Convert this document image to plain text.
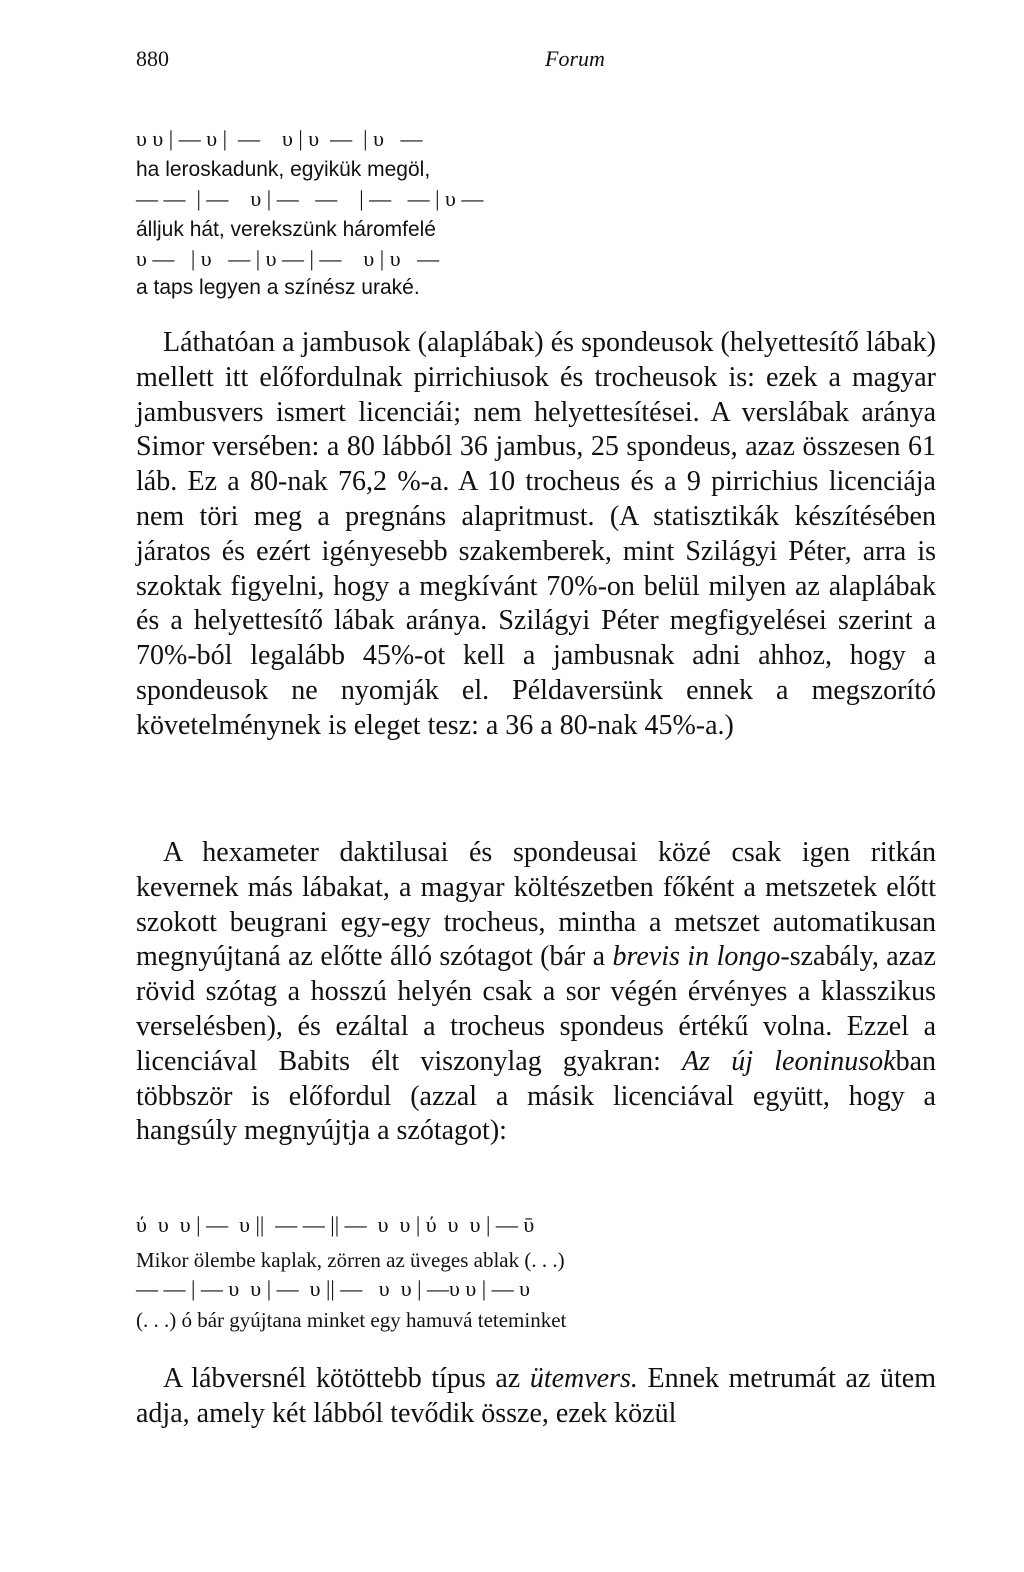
880	Forum
υ υ | — υ |  —    υ | υ  —  | υ   —
ha leroskadunk, egyikük megöl,
— —  | —    υ | —   —    | —   — | υ —
álljuk hát, verekszünk háromfelé
υ —   | υ   — | υ — | —    υ | υ   —
a taps legyen a színész uraké.

Láthatóan a jambusok (alaplábak) és spondeusok (helyettesítő lábak) mellett itt előfordulnak pirrichiusok és trocheusok is: ezek a magyar jambusvers ismert licenciái; nem helyettesítései. A verslábak aránya Simor versében: a 80 lábból 36 jambus, 25 spondeus, azaz összesen 61 láb. Ez a 80-nak 76,2 %-a. A 10 trocheus és a 9 pirrichius licenciája nem töri meg a pregnáns alapritmust. (A statisztikák készítésében járatos és ezért igényesebb szakemberek, mint Szilágyi Péter, arra is szoktak figyelni, hogy a megkívánt 70%-on belül milyen az alaplábak és a helyettesítő lábak aránya. Szilágyi Péter megfigyelései szerint a 70%-ból legalább 45%-ot kell a jambusnak adni ahhoz, hogy a spondeusok ne nyomják el. Példaversünk ennek a megszorító követelménynek is eleget tesz: a 36 a 80-nak 45%-a.)

A hexameter daktilusai és spondeusai közé csak igen ritkán kevernek más lábakat, a magyar költészetben főként a metszetek előtt szokott beugrani egy-egy trocheus, mintha a metszet automatikusan megnyújtaná az előtte álló szótagot (bár a brevis in longo-szabály, azaz rövid szótag a hosszú helyén csak a sor végén érvényes a klasszikus verselésben), és ezáltal a trocheus spondeus értékű volna. Ezzel a licenciával Babits élt viszonylag gyakran: Az új leoninusokban többször is előfordul (azzal a másik licenciával együtt, hogy a hangsúly megnyújtja a szótagot):

ύ  υ  υ | —  υ ||  — — || —  υ  υ | ύ  υ  υ | — ῡ
Mikor ölembe kaplak, zörren az üveges ablak (. . .)
— — | — υ  υ | —  υ || —   υ  υ | —υ υ | — υ
(. . .) ó bár gyújtana minket egy hamuvá teteminket

A lábversnél kötöttebb típus az ütemvers. Ennek metrumát az ütem adja, amely két lábból tevődik össze, ezek közül
